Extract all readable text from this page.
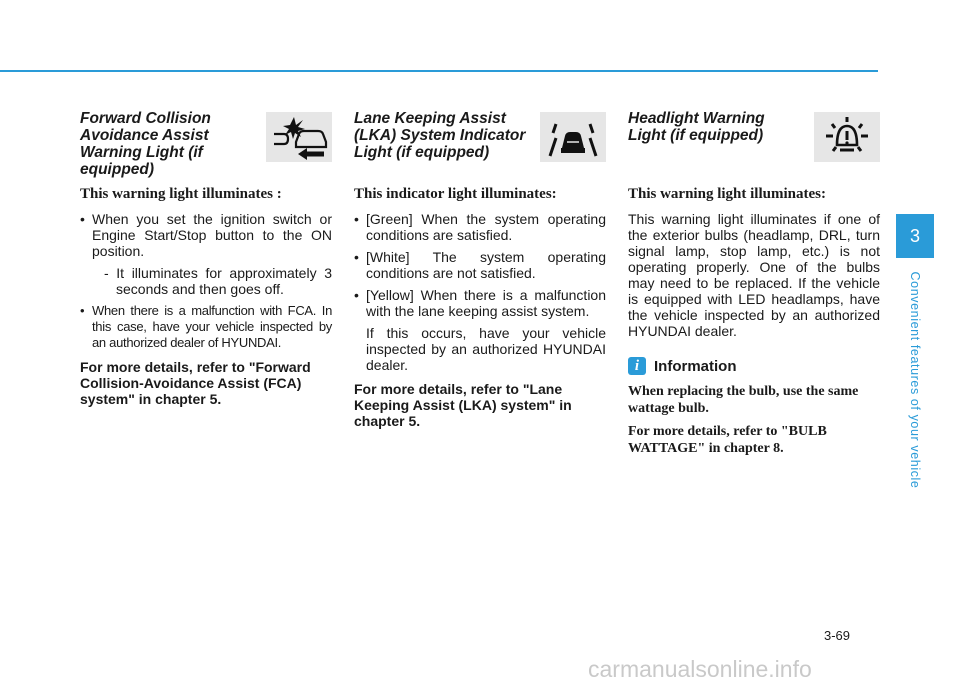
Forward Collision Avoidance Assist Warning Light (if equipped)
This warning light illuminates :
• When you set the ignition switch or Engine Start/Stop button to the ON position.
- It illuminates for approximately 3 seconds and then goes off.
• When there is a malfunction with FCA. In this case, have your vehicle inspected by an authorized dealer of HYUNDAI.
For more details, refer to "Forward Collision-Avoidance Assist (FCA) system" in chapter 5.
Lane Keeping Assist (LKA) System Indicator Light (if equipped)
This indicator light illuminates:
• [Green] When the system operating conditions are satisfied.
• [White] The system operating conditions are not satisfied.
• [Yellow] When there is a malfunction with the lane keeping assist system.
If this occurs, have your vehicle inspected by an authorized HYUNDAI dealer.
For more details, refer to "Lane Keeping Assist (LKA) system" in chapter 5.
Headlight Warning Light (if equipped)
This warning light illuminates:
This warning light illuminates if one of the exterior bulbs (headlamp, DRL, turn signal lamp, stop lamp, etc.) is not operating properly. One of the bulbs may need to be replaced. If the vehicle is equipped with LED headlamps, have the vehicle inspected by an authorized HYUNDAI dealer.
i Information
When replacing the bulb, use the same wattage bulb.
For more details, refer to "BULB WATTAGE" in chapter 8.
3
Convenient features of your vehicle
3-69
carmanualsonline.info
